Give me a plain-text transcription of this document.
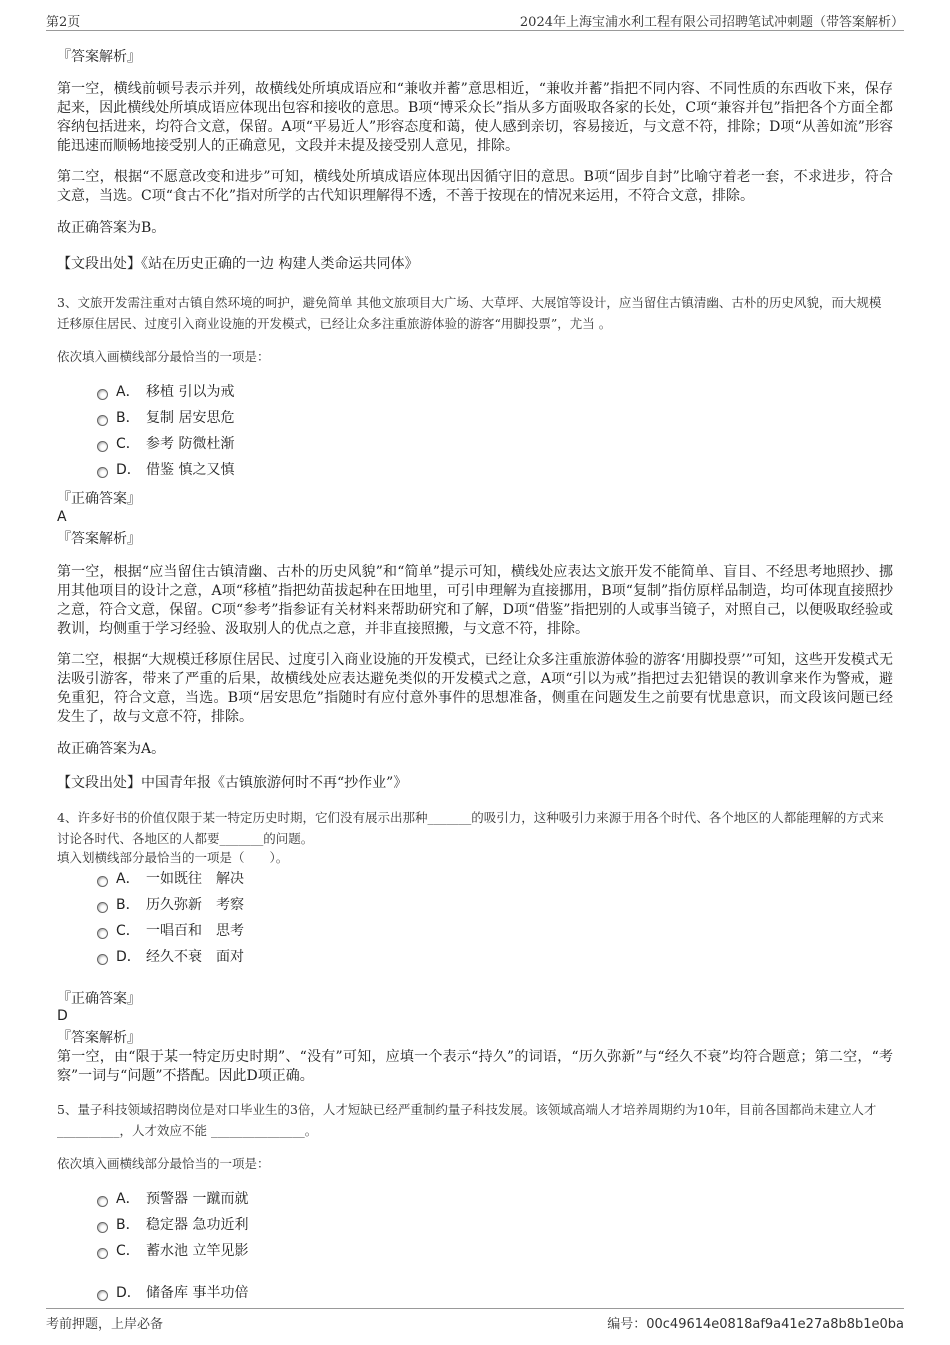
第2页	2024年上海宝浦水利工程有限公司招聘笔试冲刺题（带答案解析）
『答案解析』

第一空，横线前顿号表示并列，故横线处所填成语应和“兼收并蓄”意思相近，“兼收并蓄”指把不同内容、不同性质的东西收下来，保存起来，因此横线处所填成语应体现出包容和接收的意思。B项“博采众长”指从多方面吸取各家的长处，C项“兼容并包”指把各个方面全都容纳包括进来，均符合文意，保留。A项“平易近人”形容态度和蔼，使人感到亲切，容易接近，与文意不符，排除；D项“从善如流”形容能迅速而顺畅地接受别人的正确意见，文段并未提及接受别人意见，排除。

第二空，根据“不愿意改变和进步”可知，横线处所填成语应体现出因循守旧的意思。B项“固步自封”比喻守着老一套，不求进步，符合文意，当选。C项“食古不化”指对所学的古代知识理解得不透，不善于按现在的情况来运用，不符合文意，排除。

故正确答案为B。

【文段出处】《站在历史正确的一边 构建人类命运共同体》

3、文旅开发需注重对古镇自然环境的呵护，避免简单 其他文旅项目大广场、大草坪、大展馆等设计，应当留住古镇清幽、古朴的历史风貌，而大规模迁移原住居民、过度引入商业设施的开发模式，已经让众多注重旅游体验的游客“用脚投票”，尤当 。

依次填入画横线部分最恰当的一项是：

A． 移植 引以为戒
B． 复制 居安思危
C． 参考 防微杜渐
D． 借鉴 慎之又慎
『正确答案』
A
『答案解析』

第一空，根据“应当留住古镇清幽、古朴的历史风貌”和“简单”提示可知，横线处应表达文旅开发不能简单、盲目、不经思考地照抄、挪用其他项目的设计之意，A项“移植”指把幼苗拔起种在田地里，可引申理解为直接挪用，B项“复制”指仿原样品制造，均可体现直接照抄之意，符合文意，保留。C项“参考”指参证有关材料来帮助研究和了解，D项“借鉴”指把别的人或事当镜子，对照自己，以便吸取经验或教训，均侧重于学习经验、汲取别人的优点之意，并非直接照搬，与文意不符，排除。

第二空，根据“大规模迁移原住居民、过度引入商业设施的开发模式，已经让众多注重旅游体验的游客‘用脚投票’”可知，这些开发模式无法吸引游客，带来了严重的后果，故横线处应表达避免类似的开发模式之意，A项“引以为戒”指把过去犯错误的教训拿来作为警戒，避免重犯，符合文意，当选。B项“居安思危”指随时有应付意外事件的思想准备，侧重在问题发生之前要有忧患意识，而文段该问题已经发生了，故与文意不符，排除。

故正确答案为A。

【文段出处】中国青年报《古镇旅游何时不再“抄作业”》

4、许多好书的价值仅限于某一特定历史时期，它们没有展示出那种_______的吸引力，这种吸引力来源于用各个时代、各个地区的人都能理解的方式来讨论各时代、各地区的人都要_______的问题。

填入划横线部分最恰当的一项是（　　）。

A． 一如既往　解决
B． 历久弥新　考察
C． 一唱百和　思考
D． 经久不衰　面对
『正确答案』
D
『答案解析』

第一空，由“限于某一特定历史时期”、“没有”可知，应填一个表示“持久”的词语，“历久弥新”与“经久不衰”均符合题意；第二空，“考察”一词与“问题”不搭配。因此D项正确。

5、量子科技领域招聘岗位是对口毕业生的3倍，人才短缺已经严重制约量子科技发展。该领域高端人才培养周期约为10年，目前各国都尚未建立人才 __________，人才效应不能 _______________。

依次填入画横线部分最恰当的一项是：

A． 预警器 一蹴而就
B． 稳定器 急功近利
C． 蓄水池 立竿见影
D． 储备库 事半功倍
考前押题，上岸必备	编号：00c49614e0818af9a41e27a8b8b1e0ba
